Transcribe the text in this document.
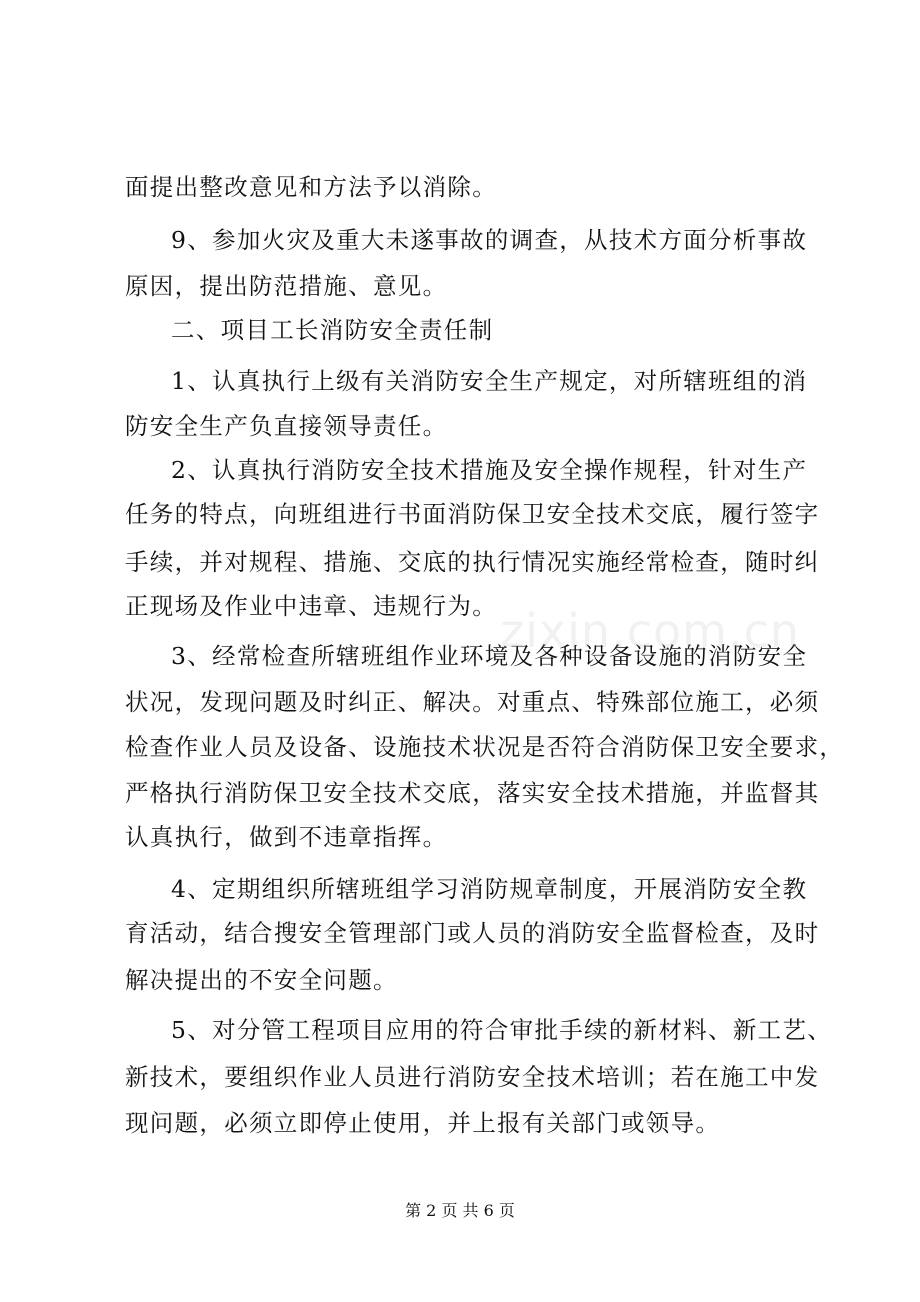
面提出整改意见和方法予以消除。
9、参加火灾及重大未遂事故的调查，从技术方面分析事故
原因，提出防范措施、意见。
二、项目工长消防安全责任制
1、认真执行上级有关消防安全生产规定，对所辖班组的消
防安全生产负直接领导责任。
2、认真执行消防安全技术措施及安全操作规程，针对生产
任务的特点，向班组进行书面消防保卫安全技术交底，履行签字
手续，并对规程、措施、交底的执行情况实施经常检查，随时纠
正现场及作业中违章、违规行为。
3、经常检查所辖班组作业环境及各种设备设施的消防安全
状况，发现问题及时纠正、解决。对重点、特殊部位施工，必须
检查作业人员及设备、设施技术状况是否符合消防保卫安全要求，
严格执行消防保卫安全技术交底，落实安全技术措施，并监督其
认真执行，做到不违章指挥。
4、定期组织所辖班组学习消防规章制度，开展消防安全教
育活动，结合搜安全管理部门或人员的消防安全监督检查，及时
解决提出的不安全问题。
5、对分管工程项目应用的符合审批手续的新材料、新工艺、
新技术，要组织作业人员进行消防安全技术培训；若在施工中发
现问题，必须立即停止使用，并上报有关部门或领导。
zixin.com.cn
第 2 页 共 6 页
